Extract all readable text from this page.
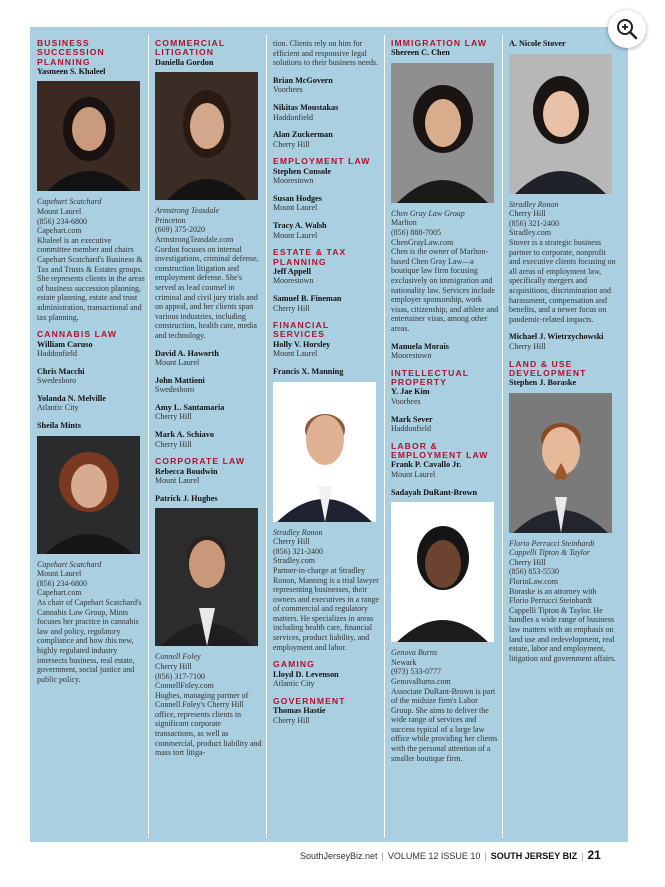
BUSINESS SUCCESSION PLANNING
Yasmeen S. Khaleel
Capehart Scatchard
Mount Laurel
(856) 234-6800
Capehart.com
Khaleel is an executive committee member and chairs Capehart Scatchard's Business & Tax and Trusts & Estates groups. She represents clients in the areas of business succession planning, estate planning, estate and trust administration, transactional and tax planning.
CANNABIS LAW
William Caruso
Haddonfield
Chris Macchi
Swedesboro
Yolanda N. Melville
Atlantic City
Sheila Mints
Capehart Scatchard
Mount Laurel
(856) 234-6800
Capehart.com
As chair of Capehart Scatchard's Cannabis Law Group, Mints focuses her practice in cannabis law and policy, regulatory compliance and how this new, highly regulated industry intersects business, real estate, government, social justice and public policy.
COMMERCIAL LITIGATION
Daniella Gordon
Armstrong Teasdale
Princeton
(609) 375-2020
ArmstrongTeasdale.com
Gordon focuses on internal investigations, criminal defense, construction litigation and employment defense. She's served as lead counsel in criminal and civil jury trials and on appeal, and her clients span various industries, including construction, health care, media and technology.
David A. Haworth
Mount Laurel
John Mattioni
Swedesboro
Amy L. Santamaria
Cherry Hill
Mark A. Schiavo
Cherry Hill
CORPORATE LAW
Rebecca Boudwin
Mount Laurel
Patrick J. Hughes
Connell Foley
Cherry Hill
(856) 317-7100
ConnellFoley.com
Hughes, managing partner of Connell Foley's Cherry Hill office, represents clients in significant corporate transactions, as well as commercial, product liability and mass tort litiga-
tion. Clients rely on him for efficient and responsive legal solutions to their business needs.
Brian McGovern
Voorhees
Nikitas Moustakas
Haddonfield
Alan Zuckerman
Cherry Hill
EMPLOYMENT LAW
Stephen Console
Moorestown
Susan Hodges
Mount Laurel
Tracy A. Walsh
Mount Laurel
ESTATE & TAX PLANNING
Jeff Appell
Moorestown
Samuel B. Fineman
Cherry Hill
FINANCIAL SERVICES
Holly V. Horsley
Mount Laurel
Francis X. Manning
Stradley Ronon
Cherry Hill
(856) 321-2400
Stradley.com
Partner-in-charge at Stradley Ronon, Manning is a trial lawyer representing businesses, their owners and executives in a range of commercial and regulatory matters. He specializes in areas including health care, financial services, product liability, and employment and labor.
GAMING
Lloyd D. Levenson
Atlantic City
GOVERNMENT
Thomas Hastie
Cherry Hill
IMMIGRATION LAW
Shereen C. Chen
Chen Gray Law Group
Marlton
(856) 888-7005
ChenGrayLaw.com
Chen is the owner of Marlton-based Chen Gray Law—a boutique law firm focusing exclusively on immigration and nationality law. Services include employer sponsorship, work visas, citizenship, and athlete and entertainer visas, among other areas.
Manuela Morais
Moorestown
INTELLECTUAL PROPERTY
Y. Jae Kim
Voorhees
Mark Sever
Haddonfield
LABOR & EMPLOYMENT LAW
Frank P. Cavallo Jr.
Mount Laurel
Sadayah DuRant-Brown
Genova Burns
Newark
(973) 533-0777
GenovaBurns.com
Associate DuRant-Brown is part of the midsize firm's Labor Group. She aims to deliver the wide range of services and success typical of a large law office while providing her clients with the personal attention of a smaller boutique firm.
A. Nicole Stover
Stradley Ronon
Cherry Hill
(856) 321-2400
Stradley.com
Stover is a strategic business partner to corporate, nonprofit and executive clients focusing on all areas of employment law, specifically mergers and acquisitions, discrimination and harassment, compensation and benefits, and a newer focus on pandemic-related impacts.
Michael J. Wietrzychowski
Cherry Hill
LAND & USE DEVELOPMENT
Stephen J. Boraske
Florio Perrucci Steinhardt Cappelli Tipton & Taylor
Cherry Hill
(856) 853-5530
FlorioLaw.com
Boraske is an attorney with Florio Perrucci Steinhardt Cappelli Tipton & Taylor. He handles a wide range of business law matters with an emphasis on land use and redevelopment, real estate, labor and employment, litigation and government affairs.
SouthJerseyBiz.net | VOLUME 12 ISSUE 10 | SOUTH JERSEY BIZ | 21
